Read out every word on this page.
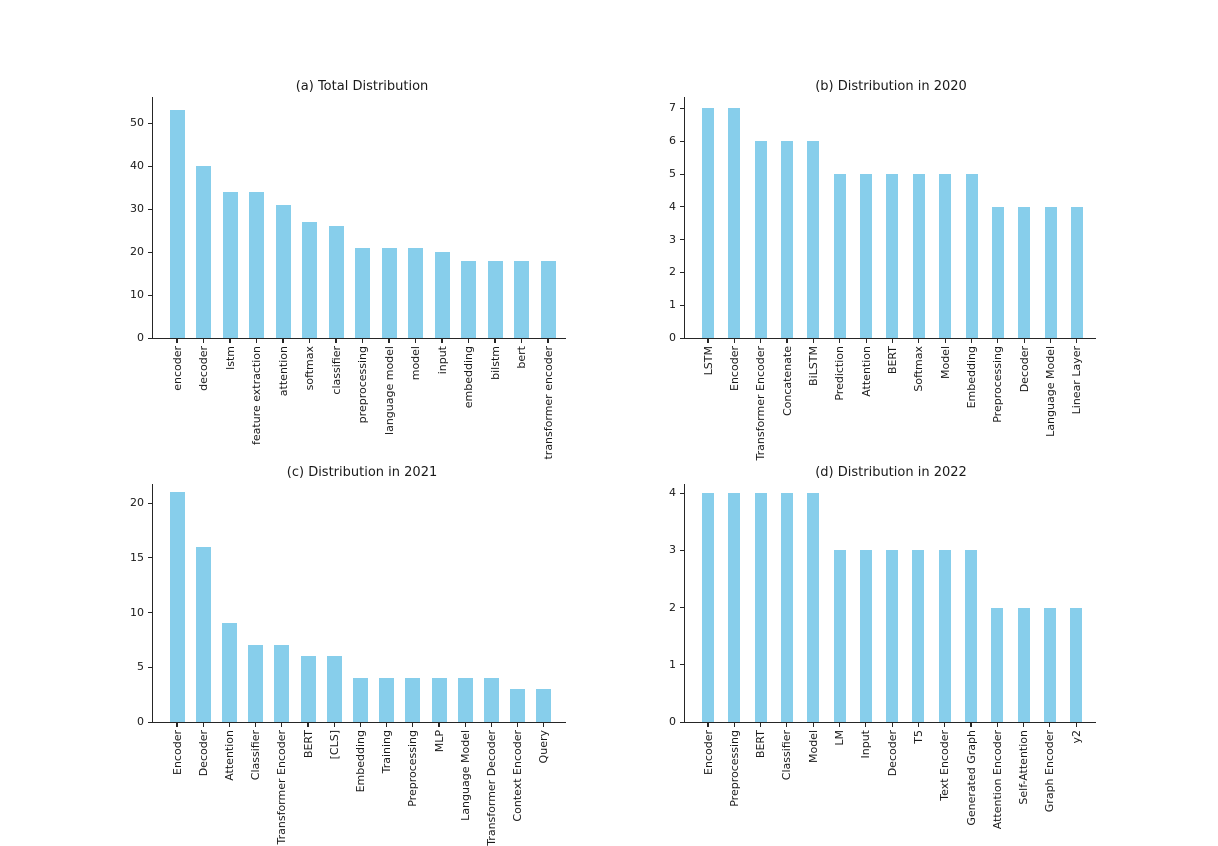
(a) Total Distribution	(b) Distribution in 2020
(c) Distribution in 2021	(d) Distribution in 2022
0
10
20
30
40
50
encoder decoder lstm feature extraction attention softmax classifier preprocessing language model model input embedding bilstm bert transformer encoder
0
1
2
3
4
5
6
7
LSTM Encoder Transformer Encoder Concatenate BiLSTM Prediction Attention BERT Softmax Model Embedding Preprocessing Decoder Language Model Linear Layer
0
5
10
15
20
Encoder Decoder Attention Classifier Transformer Encoder BERT [CLS] Embedding Training Preprocessing MLP Language Model Transformer Decoder Context Encoder Query
0
1
2
3
4
Encoder Preprocessing BERT Classifier Model LM Input Decoder T5 Text Encoder Generated Graph Attention Encoder Self-Attention Graph Encoder y2
